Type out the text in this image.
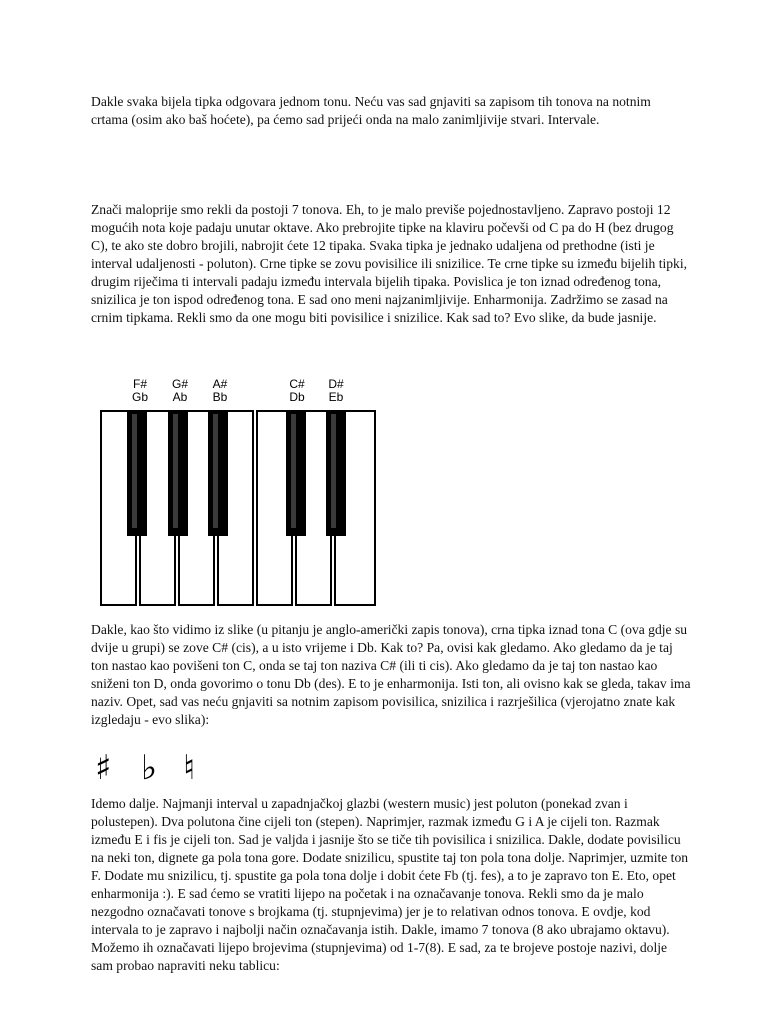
Dakle svaka bijela tipka odgovara jednom tonu. Neću vas sad gnjaviti sa zapisom tih tonova na notnim crtama (osim ako baš hoćete), pa ćemo sad prijeći onda na malo zanimljivije stvari. Intervale.

Znači maloprije smo rekli da postoji 7 tonova. Eh, to je malo previše pojednostavljeno. Zapravo postoji 12 mogućih nota koje padaju unutar oktave. Ako prebrojite tipke na klaviru počevši od C pa do H (bez drugog C), te ako ste dobro brojili, nabrojit ćete 12 tipaka. Svaka tipka je jednako udaljena od prethodne (isti je interval udaljenosti - poluton). Crne tipke se zovu povisilice ili snizilice. Te crne tipke su između bijelih tipki, drugim riječima ti intervali padaju između intervala bijelih tipaka. Povislica je ton iznad određenog tona, snizilica je ton ispod određenog tona. E sad ono meni najzanimljivije. Enharmonija. Zadržimo se zasad na crnim tipkama. Rekli smo da one mogu biti povisilice i snizilice. Kak sad to? Evo slike, da bude jasnije.

F#
Gb
G#
Ab
A#
Bb
C#
Db
D#
Eb

Dakle, kao što vidimo iz slike (u pitanju je anglo-američki zapis tonova), crna tipka iznad tona C (ova gdje su dvije u grupi) se zove C# (cis), a u isto vrijeme i Db. Kak to? Pa, ovisi kak gledamo. Ako gledamo da je taj ton nastao kao povišeni ton C, onda se taj ton naziva C# (ili ti cis). Ako gledamo da je taj ton nastao kao sniženi ton D, onda govorimo o tonu Db (des). E to je enharmonija. Isti ton, ali ovisno kak se gleda, takav ima naziv. Opet, sad vas neću gnjaviti sa notnim zapisom povisilica, snizilica i razrješilica (vjerojatno znate kak izgledaju - evo slika):

♯ ♭ ♮

Idemo dalje. Najmanji interval u zapadnjačkoj glazbi (western music) jest poluton (ponekad zvan i polustepen). Dva polutona čine cijeli ton (stepen). Naprimjer, razmak između G i A je cijeli ton. Razmak između E i fis je cijeli ton. Sad je valjda i jasnije što se tiče tih povisilica i snizilica. Dakle, dodate povisilicu na neki ton, dignete ga pola tona gore. Dodate snizilicu, spustite taj ton pola tona dolje. Naprimjer, uzmite ton F. Dodate mu snizilicu, tj. spustite ga pola tona dolje i dobit ćete Fb (tj. fes), a to je zapravo ton E. Eto, opet enharmonija :). E sad ćemo se vratiti lijepo na početak i na označavanje tonova. Rekli smo da je malo nezgodno označavati tonove s brojkama (tj. stupnjevima) jer je to relativan odnos tonova. E ovdje, kod intervala to je zapravo i najbolji način označavanja istih. Dakle, imamo 7 tonova (8 ako ubrajamo oktavu). Možemo ih označavati lijepo brojevima (stupnjevima) od 1-7(8). E sad, za te brojeve postoje nazivi, dolje sam probao napraviti neku tablicu:
